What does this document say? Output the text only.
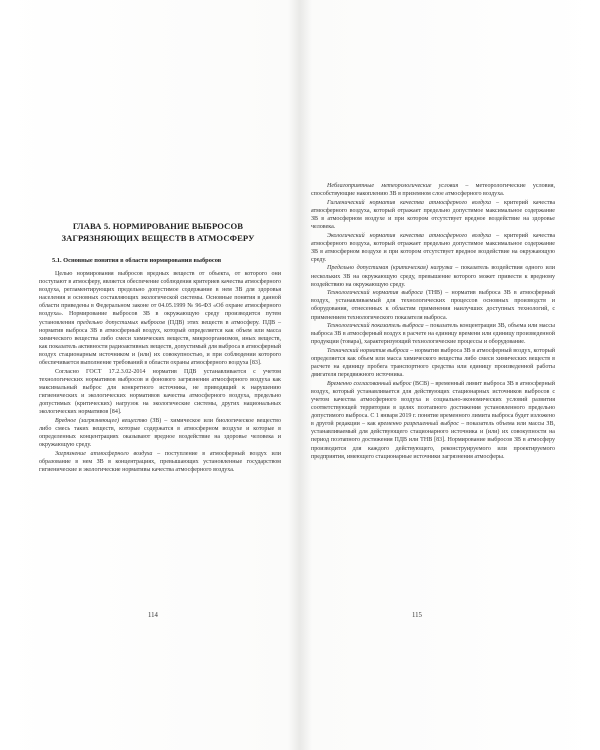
ГЛАВА 5. НОРМИРОВАНИЕ ВЫБРОСОВ
ЗАГРЯЗНЯЮЩИХ ВЕЩЕСТВ В АТМОСФЕРУ
5.1. Основные понятия в области нормирования выбросов

Целью нормирования выбросов вредных веществ от объекта, от которого они поступают в атмосферу, является обеспечение соблюдения критериев качества атмосферного воздуха, регламентирующих предельно допустимое содержание в нем ЗВ для здоровья населения и основных составляющих экологической системы. Основные понятия в данной области приведены в Федеральном законе от 04.05.1999 № 96-ФЗ «Об охране атмосферного воздуха». Нормирование выбросов ЗВ в окружающую среду производится путем установления предельно допустимых выбросов (ПДВ) этих веществ в атмосферу. ПДВ – норматив выброса ЗВ в атмосферный воздух, который определяется как объем или масса химического вещества либо смеси химических веществ, микроорганизмов, иных веществ, как показатель активности радиоактивных веществ, допустимый для выброса в атмосферный воздух стационарным источником и (или) их совокупностью, и при соблюдении которого обеспечивается выполнение требований в области охраны атмосферного воздуха [83].

Согласно ГОСТ 17.2.3.02-2014 норматив ПДВ устанавливается с учетом технологических нормативов выбросов и фонового загрязнения атмосферного воздуха как максимальный выброс для конкретного источника, не приводящий к нарушению гигиенических и экологических нормативов качества атмосферного воздуха, предельно допустимых (критических) нагрузок на экологические системы, других национальных экологических нормативов [84].

Вредное (загрязняющее) вещество (ЗВ) – химическое или биологическое вещество либо смесь таких веществ, которые содержатся в атмосферном воздухе и которые в определенных концентрациях оказывают вредное воздействие на здоровье человека и окружающую среду.

Загрязнение атмосферного воздуха – поступление в атмосферный воздух или образование в нем ЗВ в концентрациях, превышающих установленные государством гигиенические и экологические нормативы качества атмосферного воздуха.

114

Неблагоприятные метеорологические условия – метеорологические условия, способствующие накоплению ЗВ в приземном слое атмосферного воздуха.

Гигиенический норматив качества атмосферного воздуха – критерий качества атмосферного воздуха, который отражает предельно допустимое максимальное содержание ЗВ в атмосферном воздухе и при котором отсутствует вредное воздействие на здоровье человека.

Экологический норматив качества атмосферного воздуха – критерий качества атмосферного воздуха, который отражает предельно допустимое максимальное содержание ЗВ в атмосферном воздухе и при котором отсутствует вредное воздействие на окружающую среду.

Предельно допустимая (критическая) нагрузка – показатель воздействия одного или нескольких ЗВ на окружающую среду, превышение которого может привести к вредному воздействию на окружающую среду.

Технологический норматив выброса (ТНВ) – норматив выброса ЗВ в атмосферный воздух, устанавливаемый для технологических процессов основных производств и оборудования, отнесенных к областям применения наилучших доступных технологий, с применением технологического показателя выброса.

Технологический показатель выброса – показатель концентрации ЗВ, объема или массы выброса ЗВ в атмосферный воздух в расчете на единицу времени или единицу произведенной продукции (товара), характеризующий технологические процессы и оборудование.

Технический норматив выброса – норматив выброса ЗВ в атмосферный воздух, который определяется как объем или масса химического вещества либо смеси химических веществ в расчете на единицу пробега транспортного средства или единицу произведенной работы двигателя передвижного источника.

Временно согласованный выброс (ВСВ) – временный лимит выброса ЗВ в атмосферный воздух, который устанавливается для действующих стационарных источников выбросов с учетом качества атмосферного воздуха и социально-экономических условий развития соответствующей территории в целях поэтапного достижения установленного предельно допустимого выброса. С 1 января 2019 г. понятие временного лимита выброса будет изложено в другой редакции – как временно разрешенный выброс – показатель объема или массы ЗВ, устанавливаемый для действующего стационарного источника и (или) их совокупности на период поэтапного достижения ПДВ или ТНВ [83]. Нормирование выбросов ЗВ в атмосферу производится для каждого действующего, реконструируемого или проектируемого предприятия, имеющего стационарные источники загрязнения атмосферы.

115
